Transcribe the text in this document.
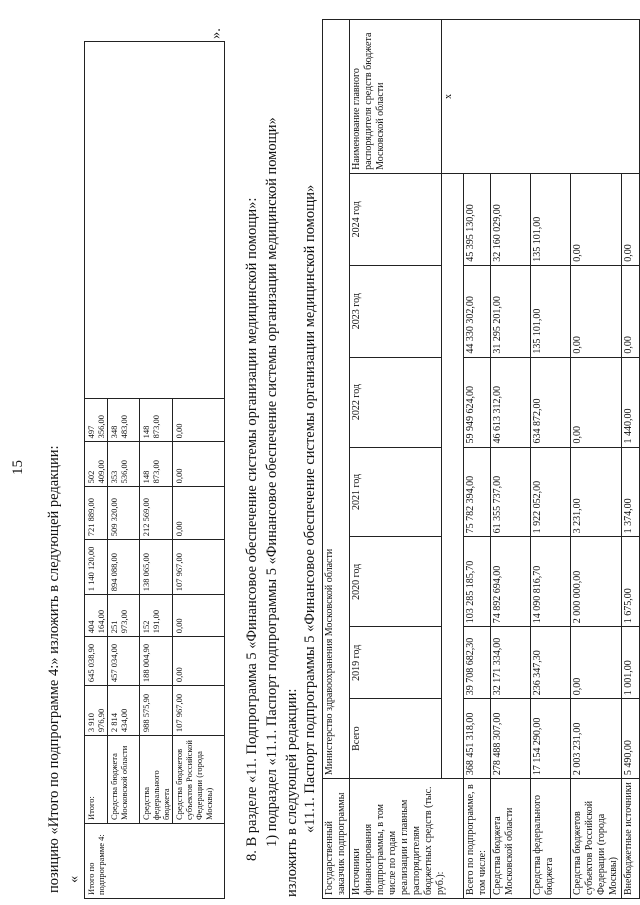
15 позицию «Итого по подпрограмме 4:» изложить в следующей редакции: « Итого по подпрограмме 4:	Итого:	3 910 976,90	645 038,90	404 164,00	1 140 120,00	721 889,00	502 409,00	497 356,00	
	Средства бюджета Московской области	2 814 434,00	457 034,00	251 973,00	894 088,00	509 320,00	353 536,00	348 483,00	
	Средства федерального бюджета	988 575,90	188 004,90	152 191,00	138 065,00	212 569,00	148 873,00	148 873,00	
	Средства бюджетов субъектов Российской Федерации (города Москвы)	107 967,00	0,00	0,00	107 967,00	0,00	0,00	0,00	
».
8. В разделе «11. Подпрограмма 5 «Финансовое обеспечение системы организации медицинской помощи»: 1) подраздел «11.1. Паспорт подпрограммы 5 «Финансовое обеспечение системы организации медицинской помощи» изложить в следующей редакции: «11.1. Паспорт подпрограммы 5 «Финансовое обеспечение системы организации медицинской помощи»
Государственный заказчик подпрограммы	Министерство здравоохранения Московской области							
Источники финансирования подпрограммы, в том числе по годам реализации и главным распорядителям бюджетных средств (тыс. руб.):	Всего	2019 год	2020 год	2021 год	2022 год	2023 год	2024 год	Наименование главного распорядителя средств бюджета Московской области
								х
Всего по подпрограмме, в том числе:	368 451 318,00	39 708 682,30	103 285 185,70	75 782 394,00	59 949 624,00	44 330 302,00	45 395 130,00	
Средства бюджета Московской области	278 488 307,00	32 171 334,00	74 892 694,00	61 355 737,00	46 613 312,00	31 295 201,00	32 160 029,00	
Средства федерального бюджета	17 154 290,00	236 347,30	14 090 816,70	1 922 052,00	634 872,00	135 101,00	135 101,00	
Средства бюджетов субъектов Российской Федерации (города Москвы)	2 003 231,00	0,00	2 000 000,00	3 231,00	0,00	0,00	0,00	
Внебюджетные источники	5 490,00	1 001,00	1 675,00	1 374,00	1 440,00	0,00	0,00	
